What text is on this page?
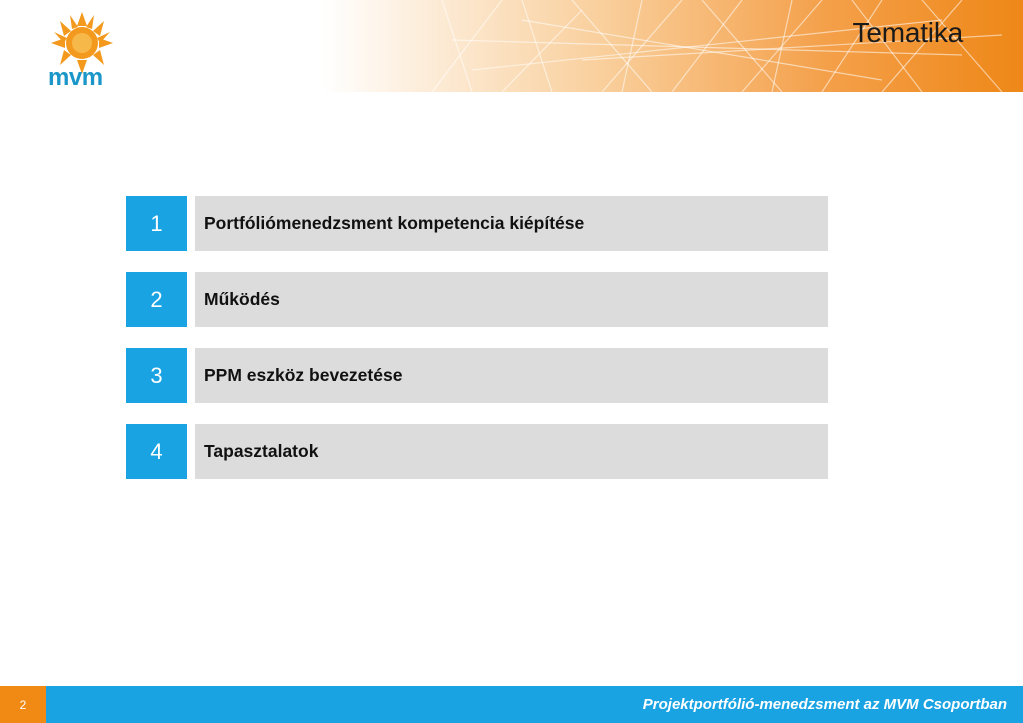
Tematika
mvm
1	Portfóliómenedzsment kompetencia kiépítése
2	Működés
3	PPM eszköz bevezetése
4	Tapasztalatok
2	Projektportfólió-menedzsment az MVM Csoportban
